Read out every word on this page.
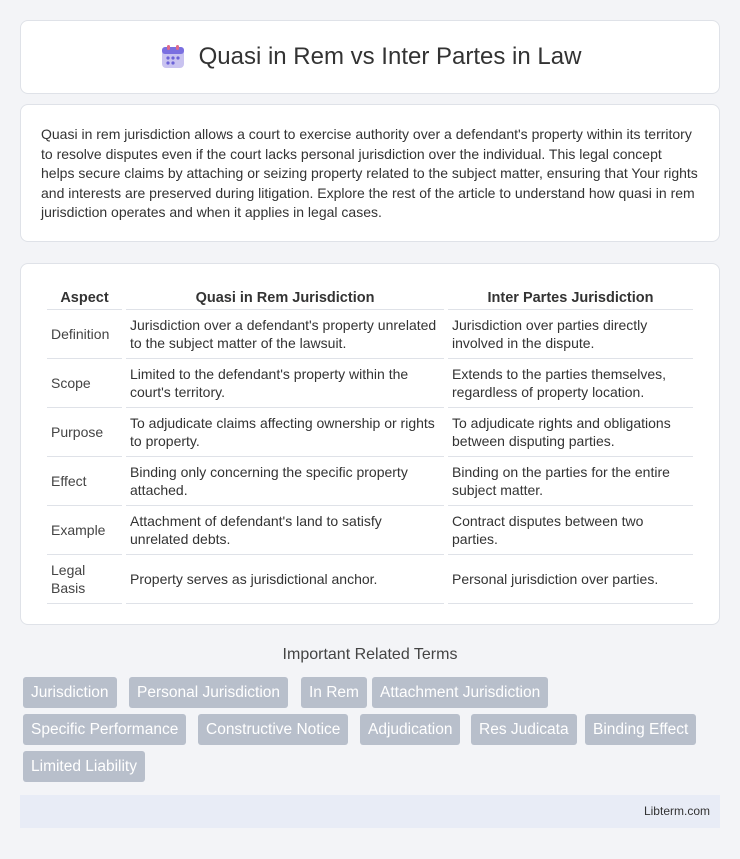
Quasi in Rem vs Inter Partes in Law

Quasi in rem jurisdiction allows a court to exercise authority over a defendant's property within its territory to resolve disputes even if the court lacks personal jurisdiction over the individual. This legal concept helps secure claims by attaching or seizing property related to the subject matter, ensuring that Your rights and interests are preserved during litigation. Explore the rest of the article to understand how quasi in rem jurisdiction operates and when it applies in legal cases.

Aspect	Quasi in Rem Jurisdiction	Inter Partes Jurisdiction
Definition	Jurisdiction over a defendant's property unrelated to the subject matter of the lawsuit.	Jurisdiction over parties directly involved in the dispute.
Scope	Limited to the defendant's property within the court's territory.	Extends to the parties themselves, regardless of property location.
Purpose	To adjudicate claims affecting ownership or rights to property.	To adjudicate rights and obligations between disputing parties.
Effect	Binding only concerning the specific property attached.	Binding on the parties for the entire subject matter.
Example	Attachment of defendant's land to satisfy unrelated debts.	Contract disputes between two parties.
Legal Basis	Property serves as jurisdictional anchor.	Personal jurisdiction over parties.
Important Related Terms
Jurisdiction	Personal Jurisdiction	In Rem	Attachment Jurisdiction
Specific Performance	Constructive Notice	Adjudication	Res Judicata	Binding Effect
Limited Liability
Libterm.com
